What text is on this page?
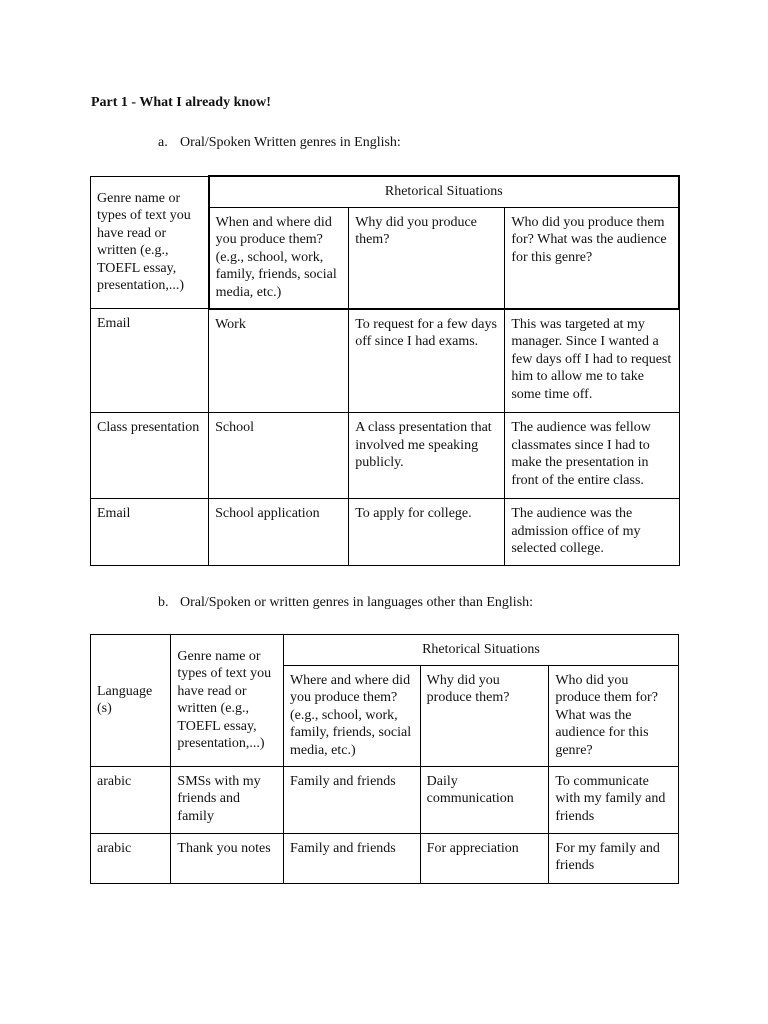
Part 1 - What I already know!

a. Oral/Spoken Written genres in English:

Genre name or types of text you have read or written (e.g., TOEFL essay, presentation,...)	Rhetorical Situations		
	When and where did you produce them? (e.g., school, work, family, friends, social media, etc.)	Why did you produce them?	Who did you produce them for? What was the audience for this genre?
Email	Work	To request for a few days off since I had exams.	This was targeted at my manager. Since I wanted a few days off I had to request him to allow me to take some time off.
Class presentation	School	A class presentation that involved me speaking publicly.	The audience was fellow classmates since I had to make the presentation in front of the entire class.
Email	School application	To apply for college.	The audience was the admission office of my selected college.

b. Oral/Spoken or written genres in languages other than English:

Language (s)	Genre name or types of text you have read or written (e.g., TOEFL essay, presentation,...)	Rhetorical Situations		
		Where and where did you produce them? (e.g., school, work, family, friends, social media, etc.)	Why did you produce them?	Who did you produce them for? What was the audience for this genre?
arabic	SMSs with my friends and family	Family and friends	Daily communication	To communicate with my family and friends
arabic	Thank you notes	Family and friends	For appreciation	For my family and friends
